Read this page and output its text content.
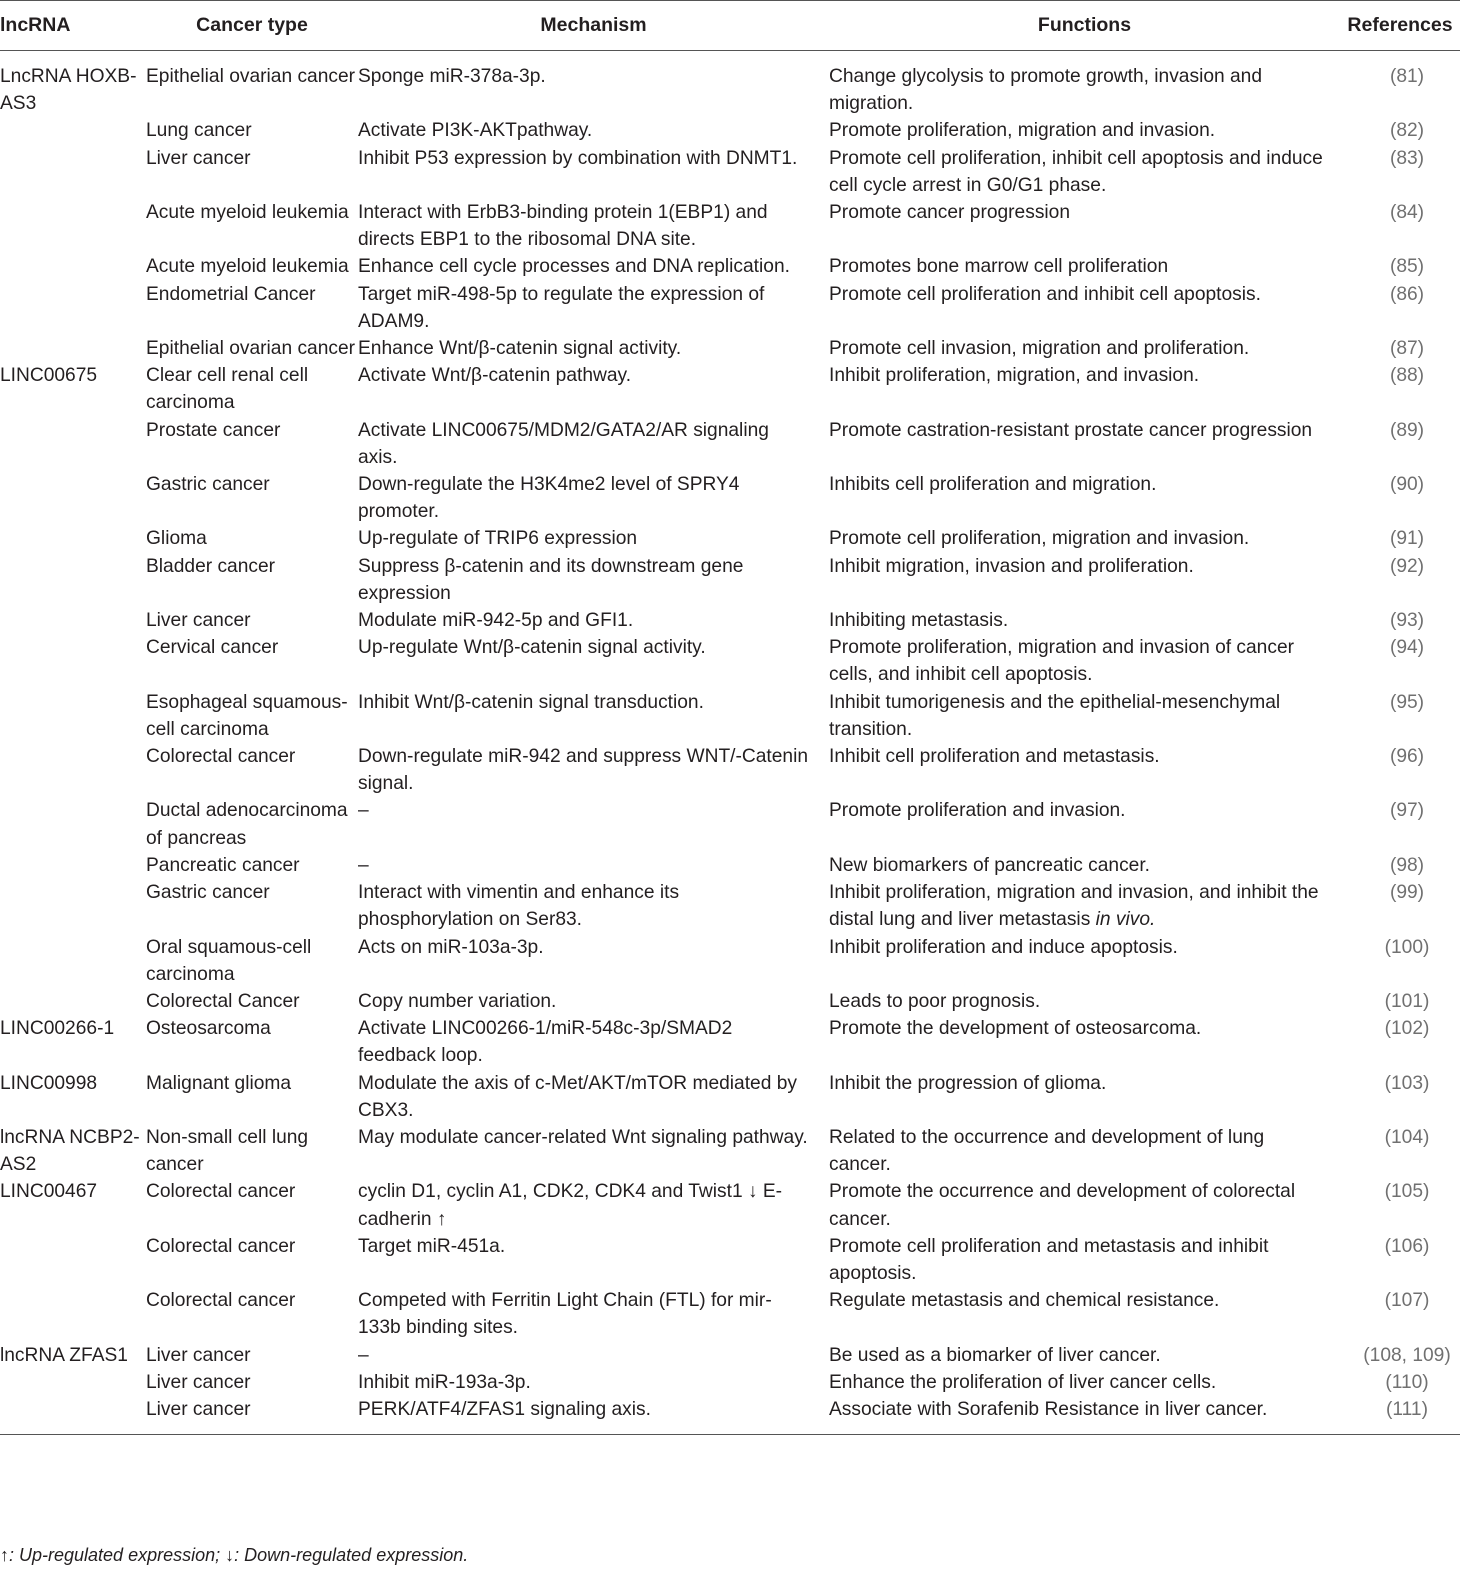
lncRNA	Cancer type	Mechanism	Functions	References
LncRNA HOXB-AS3	Epithelial ovarian cancer	Sponge miR-378a-3p.	Change glycolysis to promote growth, invasion and migration.	(81)
	Lung cancer	Activate PI3K-AKTpathway.	Promote proliferation, migration and invasion.	(82)
	Liver cancer	Inhibit P53 expression by combination with DNMT1.	Promote cell proliferation, inhibit cell apoptosis and induce cell cycle arrest in G0/G1 phase.	(83)
	Acute myeloid leukemia	Interact with ErbB3-binding protein 1(EBP1) and directs EBP1 to the ribosomal DNA site.	Promote cancer progression	(84)
	Acute myeloid leukemia	Enhance cell cycle processes and DNA replication.	Promotes bone marrow cell proliferation	(85)
	Endometrial Cancer	Target miR-498-5p to regulate the expression of ADAM9.	Promote cell proliferation and inhibit cell apoptosis.	(86)
	Epithelial ovarian cancer	Enhance Wnt/β-catenin signal activity.	Promote cell invasion, migration and proliferation.	(87)
LINC00675	Clear cell renal cell carcinoma	Activate Wnt/β-catenin pathway.	Inhibit proliferation, migration, and invasion.	(88)
	Prostate cancer	Activate LINC00675/MDM2/GATA2/AR signaling axis.	Promote castration-resistant prostate cancer progression	(89)
	Gastric cancer	Down-regulate the H3K4me2 level of SPRY4 promoter.	Inhibits cell proliferation and migration.	(90)
	Glioma	Up-regulate of TRIP6 expression	Promote cell proliferation, migration and invasion.	(91)
	Bladder cancer	Suppress β-catenin and its downstream gene expression	Inhibit migration, invasion and proliferation.	(92)
	Liver cancer	Modulate miR-942-5p and GFI1.	Inhibiting metastasis.	(93)
	Cervical cancer	Up-regulate Wnt/β-catenin signal activity.	Promote proliferation, migration and invasion of cancer cells, and inhibit cell apoptosis.	(94)
	Esophageal squamous-cell carcinoma	Inhibit Wnt/β-catenin signal transduction.	Inhibit tumorigenesis and the epithelial-mesenchymal transition.	(95)
	Colorectal cancer	Down-regulate miR-942 and suppress WNT/-Catenin signal.	Inhibit cell proliferation and metastasis.	(96)
	Ductal adenocarcinoma of pancreas	–	Promote proliferation and invasion.	(97)
	Pancreatic cancer	–	New biomarkers of pancreatic cancer.	(98)
	Gastric cancer	Interact with vimentin and enhance its phosphorylation on Ser83.	Inhibit proliferation, migration and invasion, and inhibit the distal lung and liver metastasis in vivo.	(99)
	Oral squamous-cell carcinoma	Acts on miR-103a-3p.	Inhibit proliferation and induce apoptosis.	(100)
	Colorectal Cancer	Copy number variation.	Leads to poor prognosis.	(101)
LINC00266-1	Osteosarcoma	Activate LINC00266-1/miR-548c-3p/SMAD2 feedback loop.	Promote the development of osteosarcoma.	(102)
LINC00998	Malignant glioma	Modulate the axis of c-Met/AKT/mTOR mediated by CBX3.	Inhibit the progression of glioma.	(103)
lncRNA NCBP2-AS2	Non-small cell lung cancer	May modulate cancer-related Wnt signaling pathway.	Related to the occurrence and development of lung cancer.	(104)
LINC00467	Colorectal cancer	cyclin D1, cyclin A1, CDK2, CDK4 and Twist1 ↓ E-cadherin ↑	Promote the occurrence and development of colorectal cancer.	(105)
	Colorectal cancer	Target miR-451a.	Promote cell proliferation and metastasis and inhibit apoptosis.	(106)
	Colorectal cancer	Competed with Ferritin Light Chain (FTL) for mir-133b binding sites.	Regulate metastasis and chemical resistance.	(107)
lncRNA ZFAS1	Liver cancer	–	Be used as a biomarker of liver cancer.	(108, 109)
	Liver cancer	Inhibit miR-193a-3p.	Enhance the proliferation of liver cancer cells.	(110)
	Liver cancer	PERK/ATF4/ZFAS1 signaling axis.	Associate with Sorafenib Resistance in liver cancer.	(111)
↑: Up-regulated expression; ↓: Down-regulated expression.
